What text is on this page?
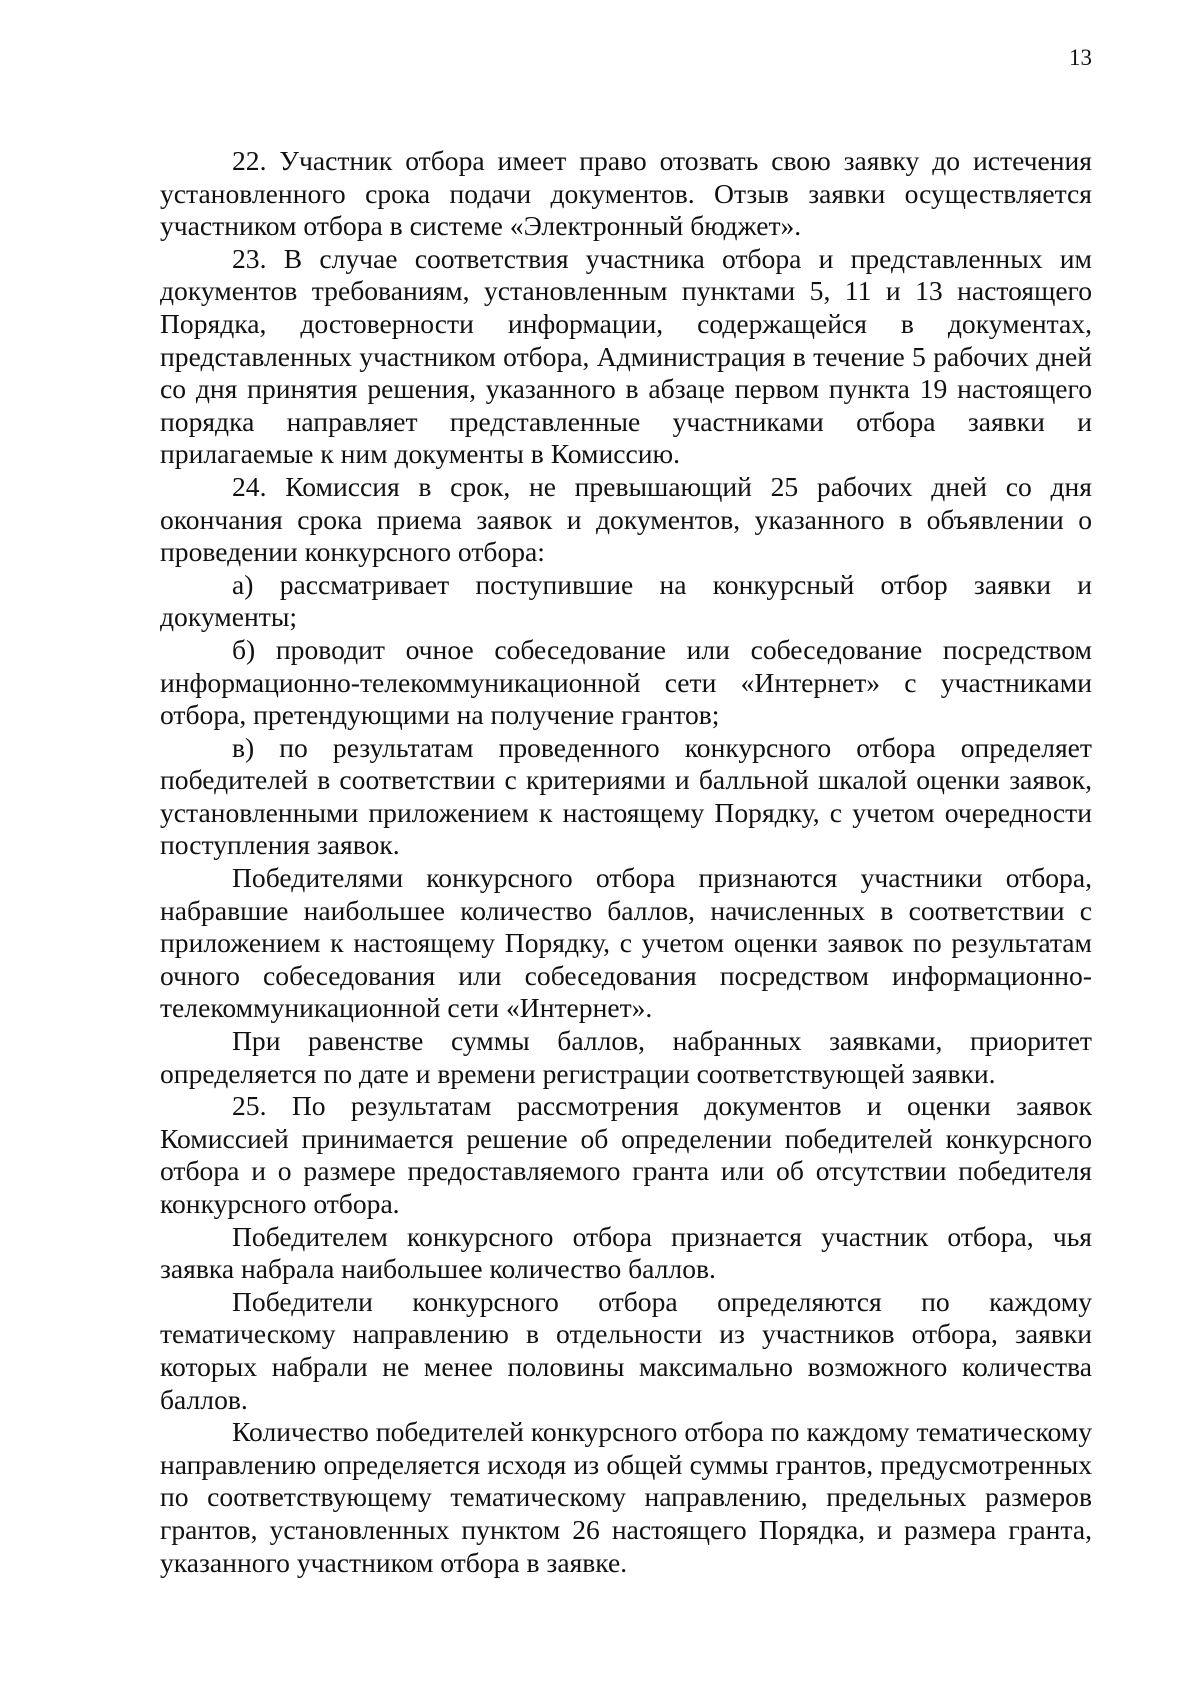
13

22. Участник отбора имеет право отозвать свою заявку до истечения установленного срока подачи документов. Отзыв заявки осуществляется участником отбора в системе «Электронный бюджет».

23. В случае соответствия участника отбора и представленных им документов требованиям, установленным пунктами 5, 11 и 13 настоящего Порядка, достоверности информации, содержащейся в документах, представленных участником отбора, Администрация в течение 5 рабочих дней со дня принятия решения, указанного в абзаце первом пункта 19 настоящего порядка направляет представленные участниками отбора заявки и прилагаемые к ним документы в Комиссию.

24. Комиссия в срок, не превышающий 25 рабочих дней со дня окончания срока приема заявок и документов, указанного в объявлении о проведении конкурсного отбора:

а) рассматривает поступившие на конкурсный отбор заявки и документы;

б) проводит очное собеседование или собеседование посредством информационно-телекоммуникационной сети «Интернет» с участниками отбора, претендующими на получение грантов;

в) по результатам проведенного конкурсного отбора определяет победителей в соответствии с критериями и балльной шкалой оценки заявок, установленными приложением к настоящему Порядку, с учетом очередности поступления заявок.

Победителями конкурсного отбора признаются участники отбора, набравшие наибольшее количество баллов, начисленных в соответствии с приложением к настоящему Порядку, с учетом оценки заявок по результатам очного собеседования или собеседования посредством информационно-телекоммуникационной сети «Интернет».

При равенстве суммы баллов, набранных заявками, приоритет определяется по дате и времени регистрации соответствующей заявки.

25. По результатам рассмотрения документов и оценки заявок Комиссией принимается решение об определении победителей конкурсного отбора и о размере предоставляемого гранта или об отсутствии победителя конкурсного отбора.

Победителем конкурсного отбора признается участник отбора, чья заявка набрала наибольшее количество баллов.

Победители конкурсного отбора определяются по каждому тематическому направлению в отдельности из участников отбора, заявки которых набрали не менее половины максимально возможного количества баллов.

Количество победителей конкурсного отбора по каждому тематическому направлению определяется исходя из общей суммы грантов, предусмотренных по соответствующему тематическому направлению, предельных размеров грантов, установленных пунктом 26 настоящего Порядка, и размера гранта, указанного участником отбора в заявке.
